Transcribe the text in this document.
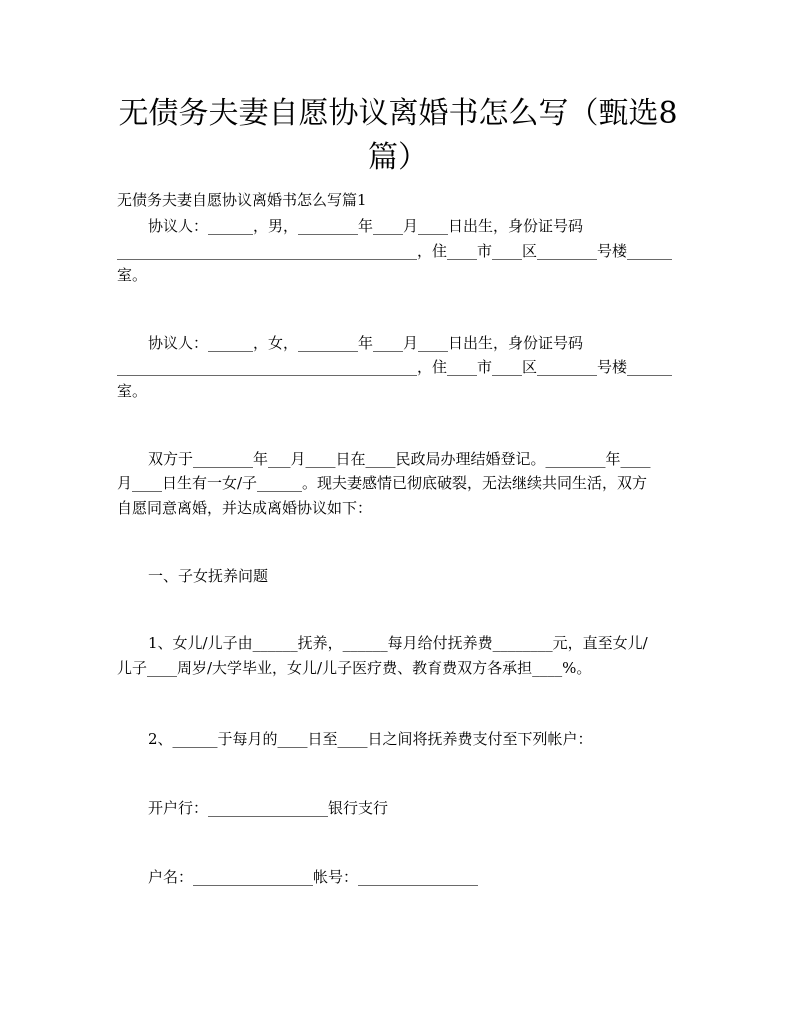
无债务夫妻自愿协议离婚书怎么写（甄选8
篇）
无债务夫妻自愿协议离婚书怎么写篇1
协议人：______，男，________年____月____日出生，身份证号码
________________________________________，住____市____区________号楼______
室。
协议人：______，女，________年____月____日出生，身份证号码
________________________________________，住____市____区________号楼______
室。
双方于________年___月____日在____民政局办理结婚登记。________年____
月____日生有一女/子______。现夫妻感情已彻底破裂，无法继续共同生活，双方
自愿同意离婚，并达成离婚协议如下：
一、子女抚养问题
1、女儿/儿子由______抚养，______每月给付抚养费________元，直至女儿/
儿子____周岁/大学毕业，女儿/儿子医疗费、教育费双方各承担____%。
2、______于每月的____日至____日之间将抚养费支付至下列帐户：
开户行：________________银行支行
户名：________________帐号：________________
